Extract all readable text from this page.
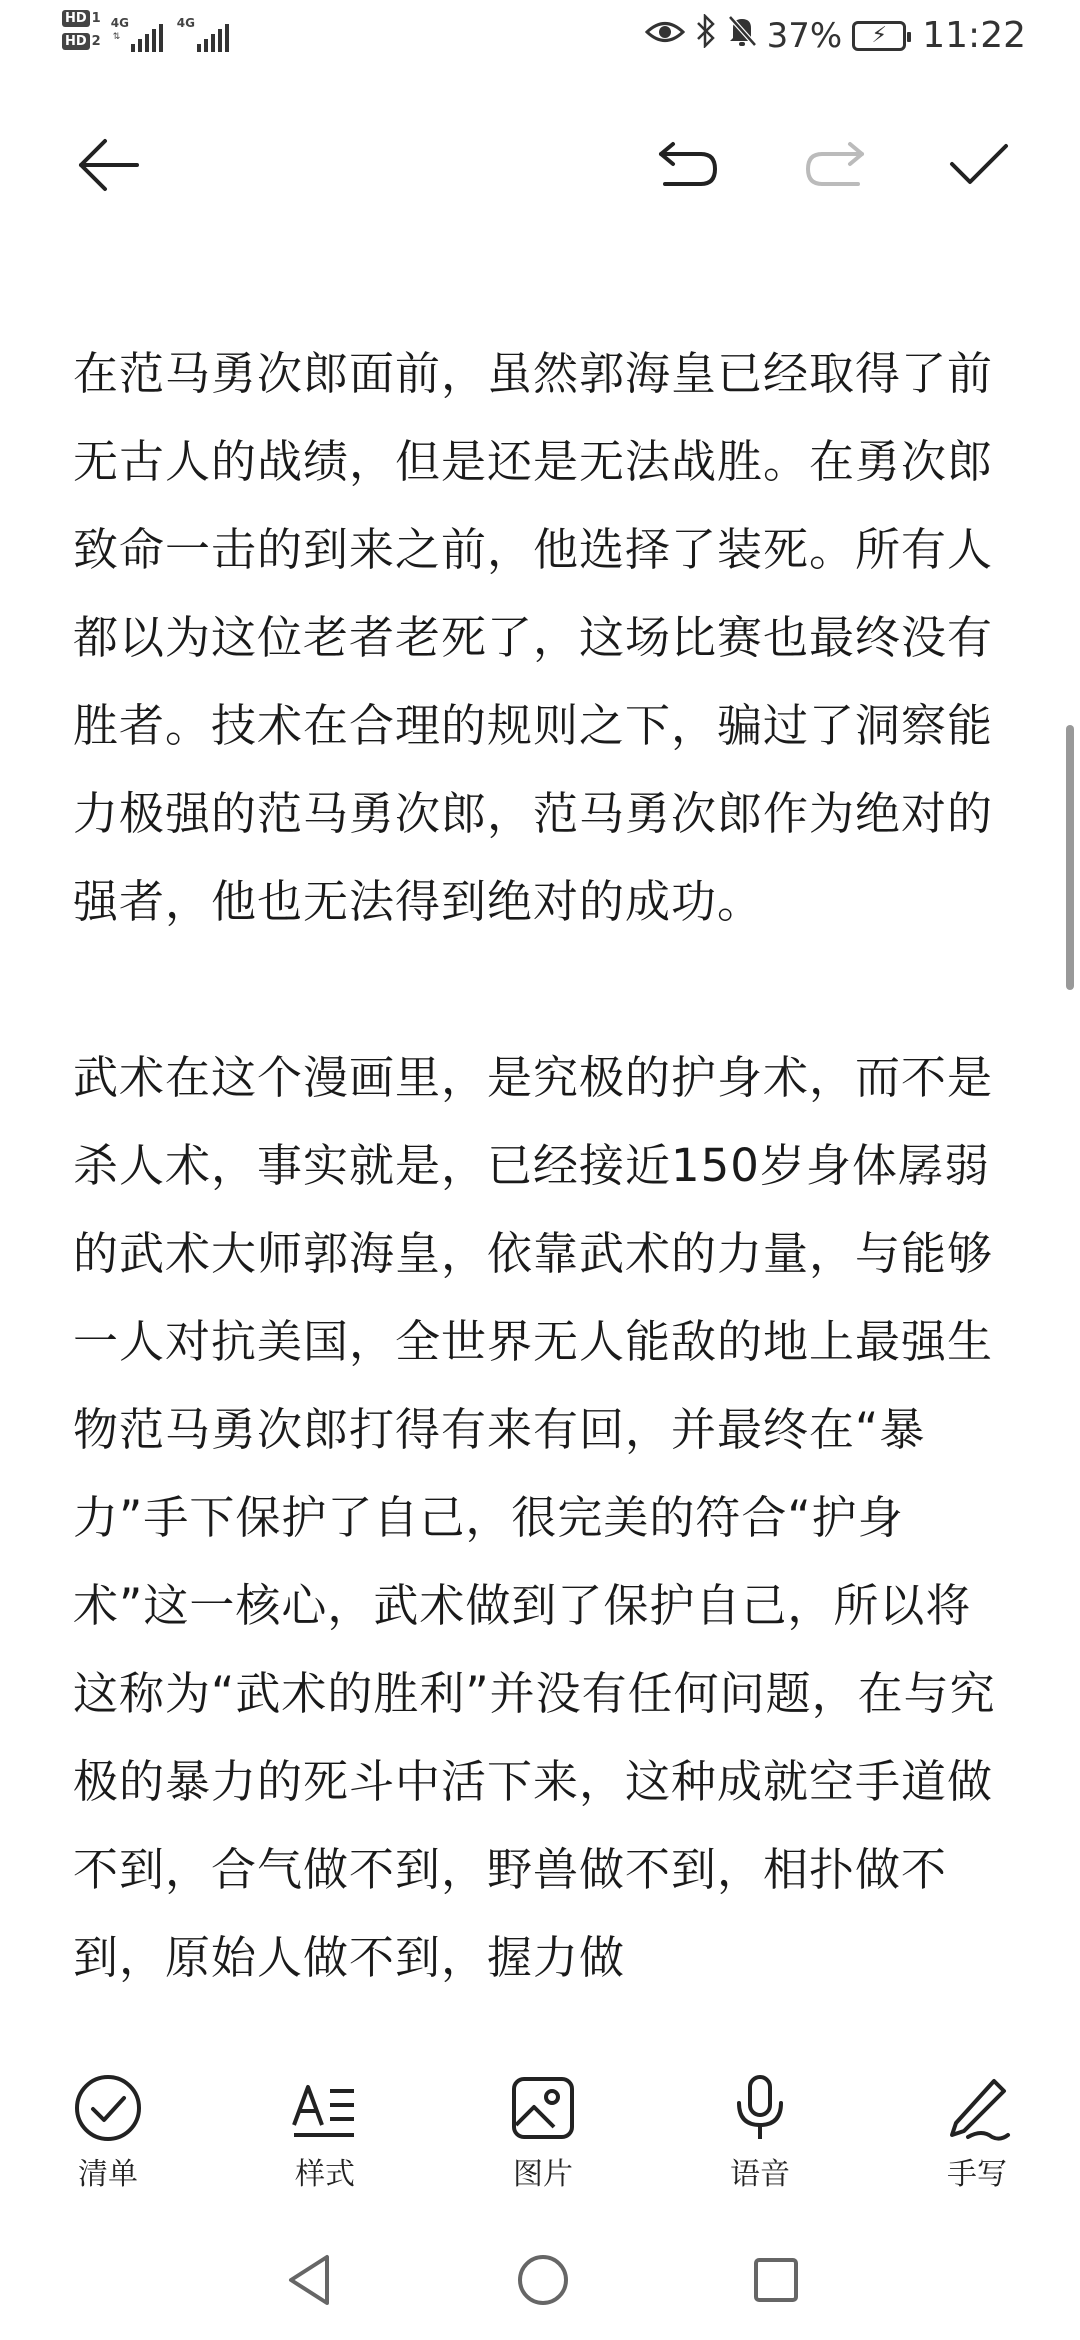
HD 1
HD 2
4G
⇅
4G	37%	⚡ 11:22

在范马勇次郎面前，虽然郭海皇已经取得了前无古人的战绩，但是还是无法战胜。在勇次郎致命一击的到来之前，他选择了装死。所有人都以为这位老者老死了，这场比赛也最终没有胜者。技术在合理的规则之下，骗过了洞察能力极强的范马勇次郎，范马勇次郎作为绝对的强者，他也无法得到绝对的成功。

武术在这个漫画里，是究极的护身术，而不是杀人术，事实就是，已经接近150岁身体孱弱的武术大师郭海皇，依靠武术的力量，与能够一人对抗美国，全世界无人能敌的地上最强生物范马勇次郎打得有来有回，并最终在“暴力”手下保护了自己，很完美的符合“护身术”这一核心，武术做到了保护自己，所以将这称为“武术的胜利”并没有任何问题，在与究极的暴力的死斗中活下来，这种成就空手道做不到，合气做不到，野兽做不到，相扑做不到，原始人做不到，握力做

清单	样式	图片	语音	手写
